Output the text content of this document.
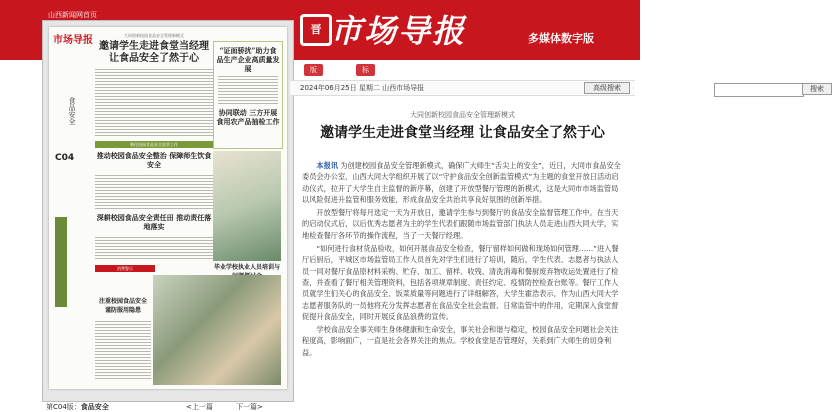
山西新闻网首页
晋 市场导报	多媒体数字版
市场导报	大同创新校园食品安全管理新模式
邀请学生走进食堂当经理 让食品安全了然于心
食品安全
C04
“证面骄扰”助力食品生产企业高质量发展
协同联动 三方开展食用农产品抽检工作
朝化校园食品安全监管工作
推动校园食品安全整治 保障师生饮食安全
深耕校园食品安全责任田 推动责任落地落实
毕业学校执业人员培训与
消费警示
注重校园食品安全 谨防服用隐患
第C04版：食品安全	<上一篇	下一篇>
版 航
标 航
2024年06月25日 星期二 山西市场导报	搜索
高级搜索
大同创新校园食品安全管理新模式
邀请学生走进食堂当经理 让食品安全了然于心

本报讯 为创建校园食品安全管理新模式，确保广大师生“舌尖上的安全”，近日，大同市食品安全委员会办公室、山西大同大学组织开展了以“守护食品安全创新监管模式”为主题的食堂开放日活动启动仪式，拉开了大学生自主监督的新序幕，创建了开放型餐厅管理的新模式，这是大同市市场监管局以风险促进升监管和服务效能，形成食品安全共治共享良好氛围的创新举措。

开放型餐厅将每月选定一天为开放日，邀请学生参与到餐厅的食品安全监督管理工作中。在当天的启动仪式后，以后优秀志愿者为主的学生代表们跟随市场监管部门执法人员走进山西大同大学，实地检查餐厅各环节的操作流程，当了一天餐厅经理。

“如何进行食材货品验收，如何开展食品安全检查，餐厅留样如何做和现场如何管理……”进入餐厅后厨后，平城区市场监管局工作人员首先对学生们进行了培训，随后，学生代表、志愿者与执法人员一同对餐厅食品原材料采购、贮存、加工、留样、收残、清洗消毒和餐厨废弃物收运处置进行了检查，并查看了餐厅相关管理资料，包括各项规章制度、责任约定、疫情防控检查台账等。餐厅工作人员就学生们关心的食品安全、饭菜质量等问题进行了详细解答，大学生霍浩表示，作为山西大同大学志愿者服务队的一员他将充分发挥志愿者在食品安全社会监督、日常监管中的作用，定期深入食堂督促提升食品安全，同时开展反食品浪费的宣传。

学校食品安全事关师生身体健康和生命安全，事关社会和谐与稳定，校园食品安全问题社会关注程度高，影响面广，一直是社会各界关注的焦点。学校食堂是否管理好，关系到广大师生的切身利益。
